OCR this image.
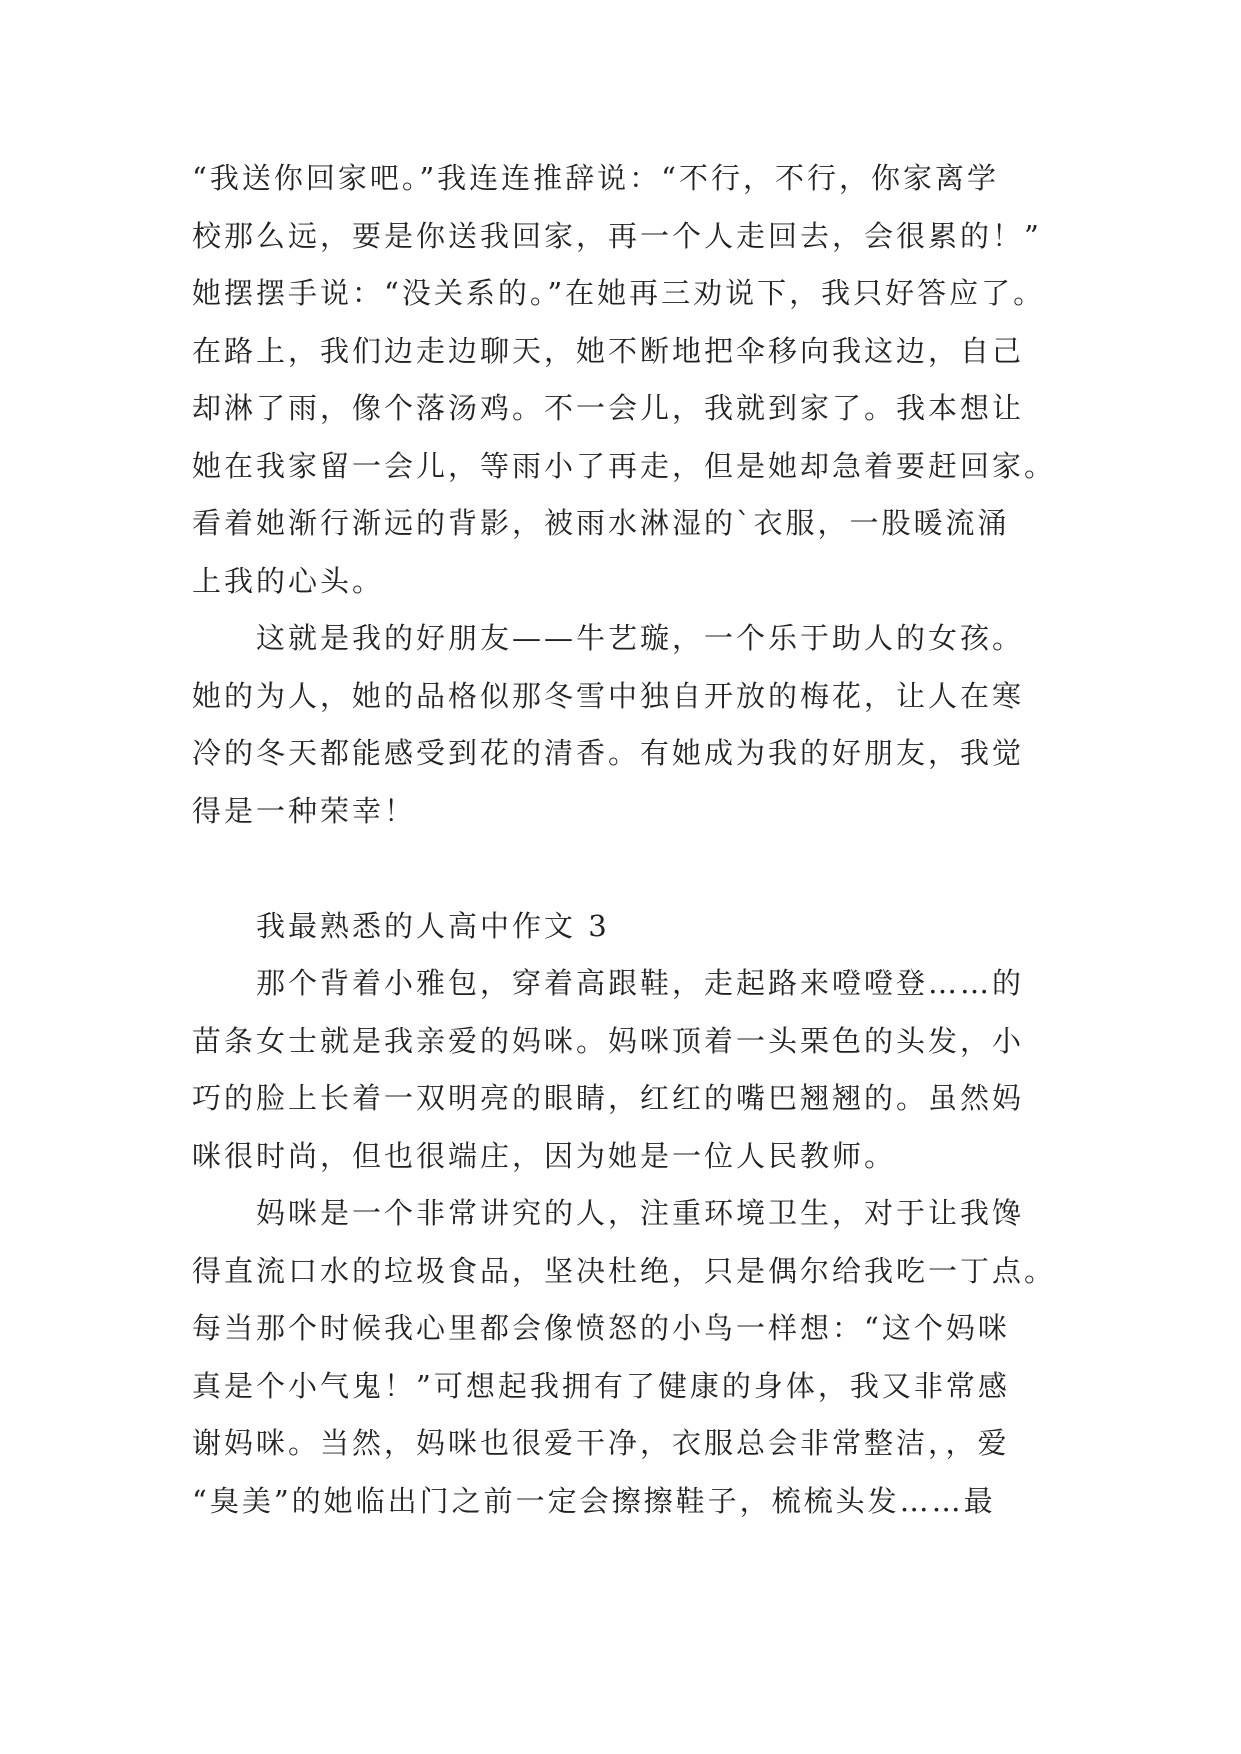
“我送你回家吧。”我连连推辞说：“不行，不行，你家离学
校那么远，要是你送我回家，再一个人走回去，会很累的！”
她摆摆手说：“没关系的。”在她再三劝说下，我只好答应了。
在路上，我们边走边聊天，她不断地把伞移向我这边，自己
却淋了雨，像个落汤鸡。不一会儿，我就到家了。我本想让
她在我家留一会儿，等雨小了再走，但是她却急着要赶回家。
看着她渐行渐远的背影，被雨水淋湿的`衣服，一股暖流涌
上我的心头。
这就是我的好朋友——牛艺璇，一个乐于助人的女孩。
她的为人，她的品格似那冬雪中独自开放的梅花，让人在寒
冷的冬天都能感受到花的清香。有她成为我的好朋友，我觉
得是一种荣幸！
我最熟悉的人高中作文 3
那个背着小雅包，穿着高跟鞋，走起路来噔噔登……的
苗条女士就是我亲爱的妈咪。妈咪顶着一头栗色的头发，小
巧的脸上长着一双明亮的眼睛，红红的嘴巴翘翘的。虽然妈
咪很时尚，但也很端庄，因为她是一位人民教师。
妈咪是一个非常讲究的人，注重环境卫生，对于让我馋
得直流口水的垃圾食品，坚决杜绝，只是偶尔给我吃一丁点。
每当那个时候我心里都会像愤怒的小鸟一样想：“这个妈咪
真是个小气鬼！”可想起我拥有了健康的身体，我又非常感
谢妈咪。当然，妈咪也很爱干净，衣服总会非常整洁，，爱
“臭美”的她临出门之前一定会擦擦鞋子，梳梳头发……最
